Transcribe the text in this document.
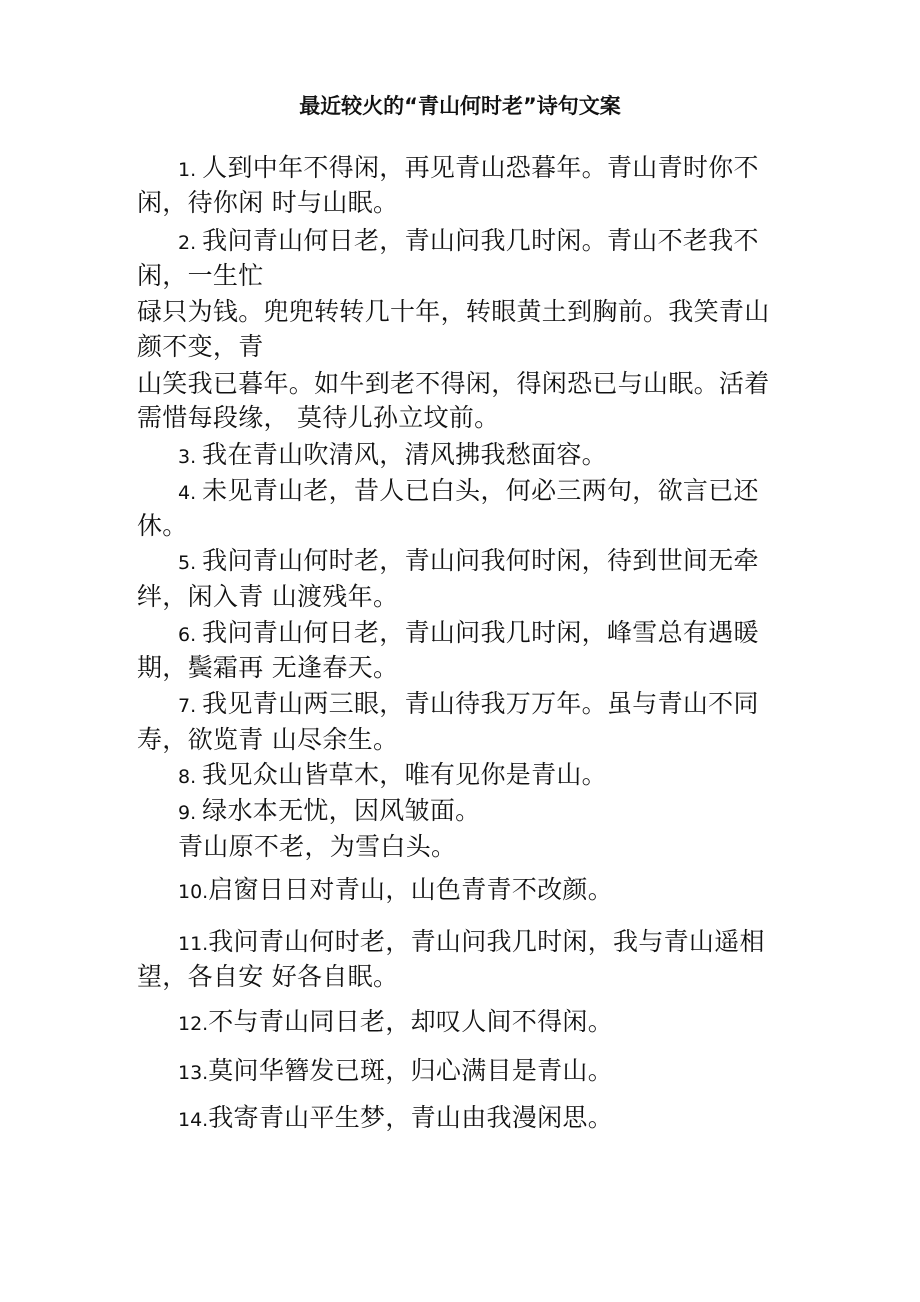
最近较火的“青山何时老”诗句文案
1. 人到中年不得闲，再见青山恐暮年。青山青时你不
闲，待你闲 时与山眠。
2. 我问青山何日老，青山问我几时闲。青山不老我不
闲，一生忙
碌只为钱。兜兜转转几十年，转眼黄土到胸前。我笑青山
颜不变，青
山笑我已暮年。如牛到老不得闲，得闲恐已与山眠。活着
需惜每段缘， 莫待儿孙立坟前。
3. 我在青山吹清风，清风拂我愁面容。
4. 未见青山老，昔人已白头，何必三两句，欲言已还
休。
5. 我问青山何时老，青山问我何时闲，待到世间无牵
绊，闲入青 山渡残年。
6. 我问青山何日老，青山问我几时闲，峰雪总有遇暖
期，鬓霜再 无逢春天。
7. 我见青山两三眼，青山待我万万年。虽与青山不同
寿，欲览青 山尽余生。
8. 我见众山皆草木，唯有见你是青山。
9. 绿水本无忧，因风皱面。
青山原不老，为雪白头。
10.启窗日日对青山，山色青青不改颜。
11.我问青山何时老，青山问我几时闲，我与青山遥相
望，各自安 好各自眠。
12.不与青山同日老，却叹人间不得闲。
13.莫问华簪发已斑，归心满目是青山。
14.我寄青山平生梦，青山由我漫闲思。
